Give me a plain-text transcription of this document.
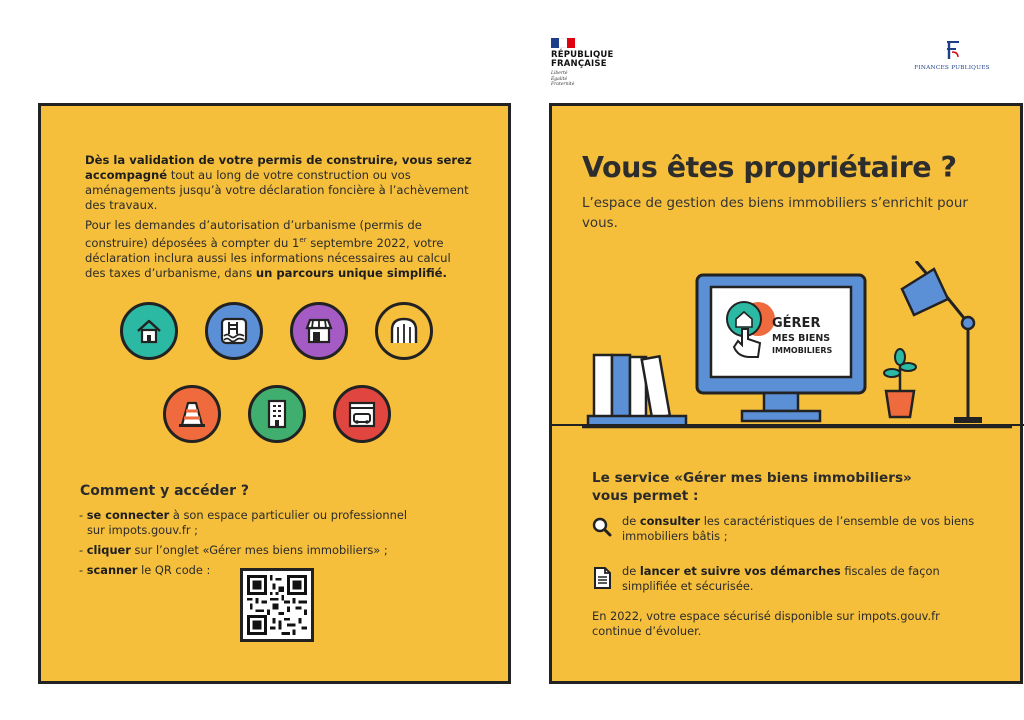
RÉPUBLIQUE
FRANÇAISE
Liberté
Égalité
Fraternité
FINANCES PUBLIQUES

Dès la validation de votre permis de construire, vous serez accompagné tout au long de votre construction ou vos aménagements jusqu’à votre déclaration foncière à l’achèvement des travaux.

Pour les demandes d’autorisation d’urbanisme (permis de construire) déposées à compter du 1er septembre 2022, votre déclaration inclura aussi les informations nécessaires au calcul des taxes d’urbanisme, dans un parcours unique simplifié.

Comment y accéder ?
- se connecter à son espace particulier ou professionnel
sur impots.gouv.fr ;
- cliquer sur l’onglet «Gérer mes biens immobiliers» ;
- scanner le QR code :
Vous êtes propriétaire ?
L’espace de gestion des biens immobiliers s’enrichit pour vous.
GÉRER
MES BIENS
IMMOBILIERS
Le service «Gérer mes biens immobiliers» vous permet :

de consulter les caractéristiques de l’ensemble de vos biens immobiliers bâtis ;

de lancer et suivre vos démarches fiscales de façon simplifiée et sécurisée.

En 2022, votre espace sécurisé disponible sur impots.gouv.fr continue d’évoluer.
